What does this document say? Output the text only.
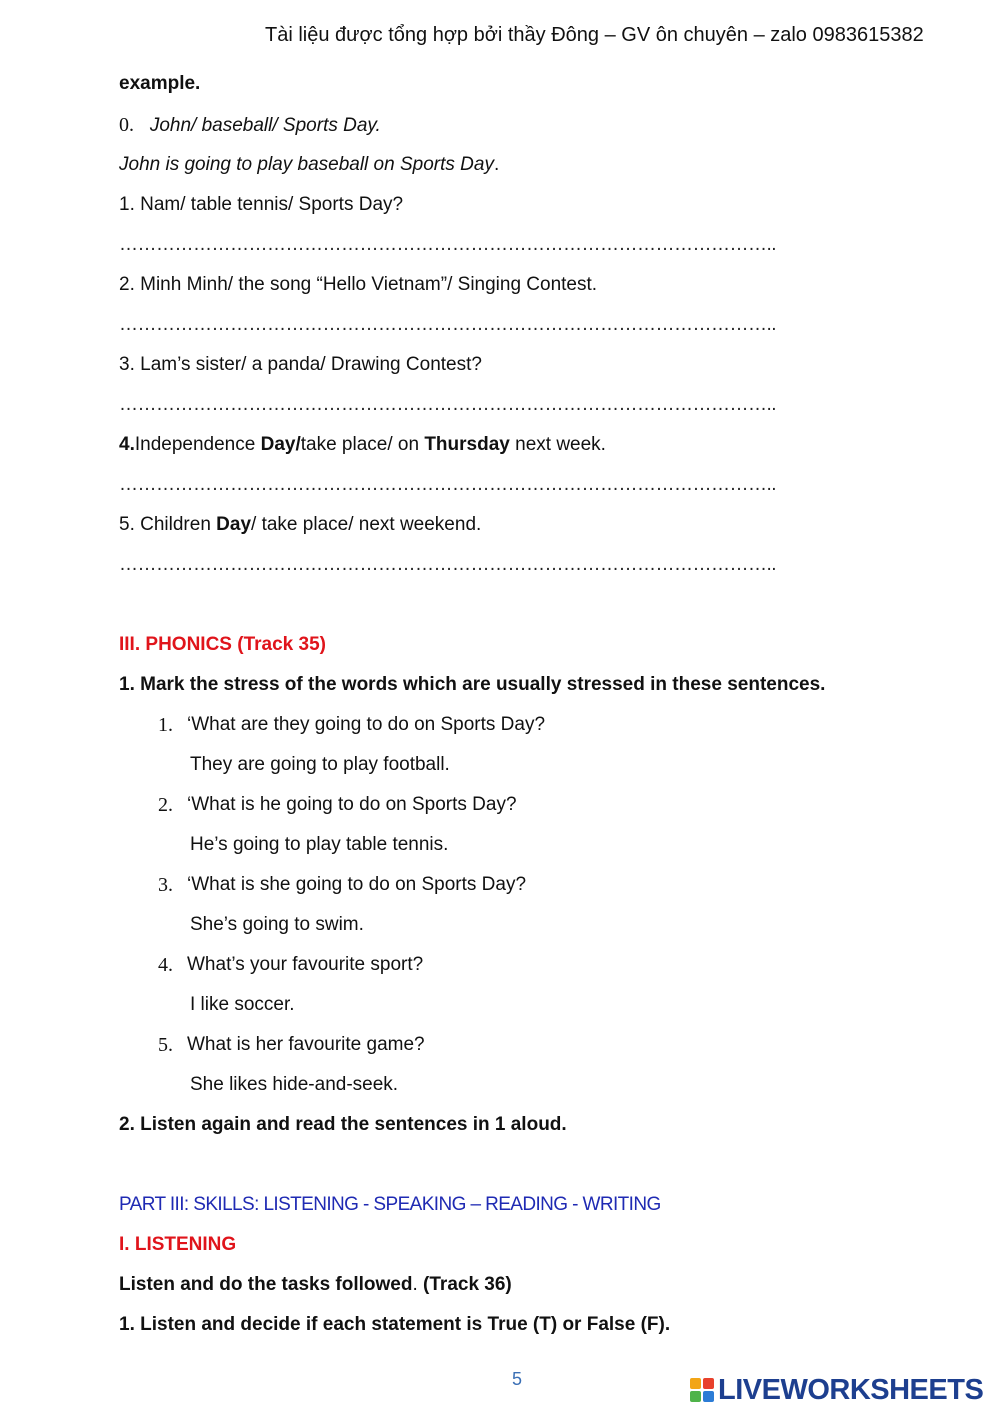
Tài liệu được tổng hợp bởi thầy Đông – GV ôn chuyên – zalo 0983615382
example.
0. John/ baseball/ Sports Day.
John is going to play baseball on Sports Day.
1. Nam/ table tennis/ Sports Day?
……………………………………………………………………………………………..
2. Minh Minh/ the song “Hello Vietnam”/ Singing Contest.
……………………………………………………………………………………………..
3. Lam’s sister/ a panda/ Drawing Contest?
……………………………………………………………………………………………..
4.Independence Day/take place/ on Thursday next week.
……………………………………………………………………………………………..
5. Children Day/ take place/ next weekend.
……………………………………………………………………………………………..
III. PHONICS (Track 35)
1. Mark the stress of the words which are usually stressed in these sentences.
1. ‘What are they going to do on Sports Day?
They are going to play football.
2. ‘What is he going to do on Sports Day?
He’s going to play table tennis.
3. ‘What is she going to do on Sports Day?
She’s going to swim.
4. What’s your favourite sport?
I like soccer.
5. What is her favourite game?
She likes hide-and-seek.
2. Listen again and read the sentences in 1 aloud.
PART III: SKILLS: LISTENING - SPEAKING – READING - WRITING
I. LISTENING
Listen and do the tasks followed. (Track 36)
1. Listen and decide if each statement is True (T) or False (F).
5	LIVEWORKSHEETS
